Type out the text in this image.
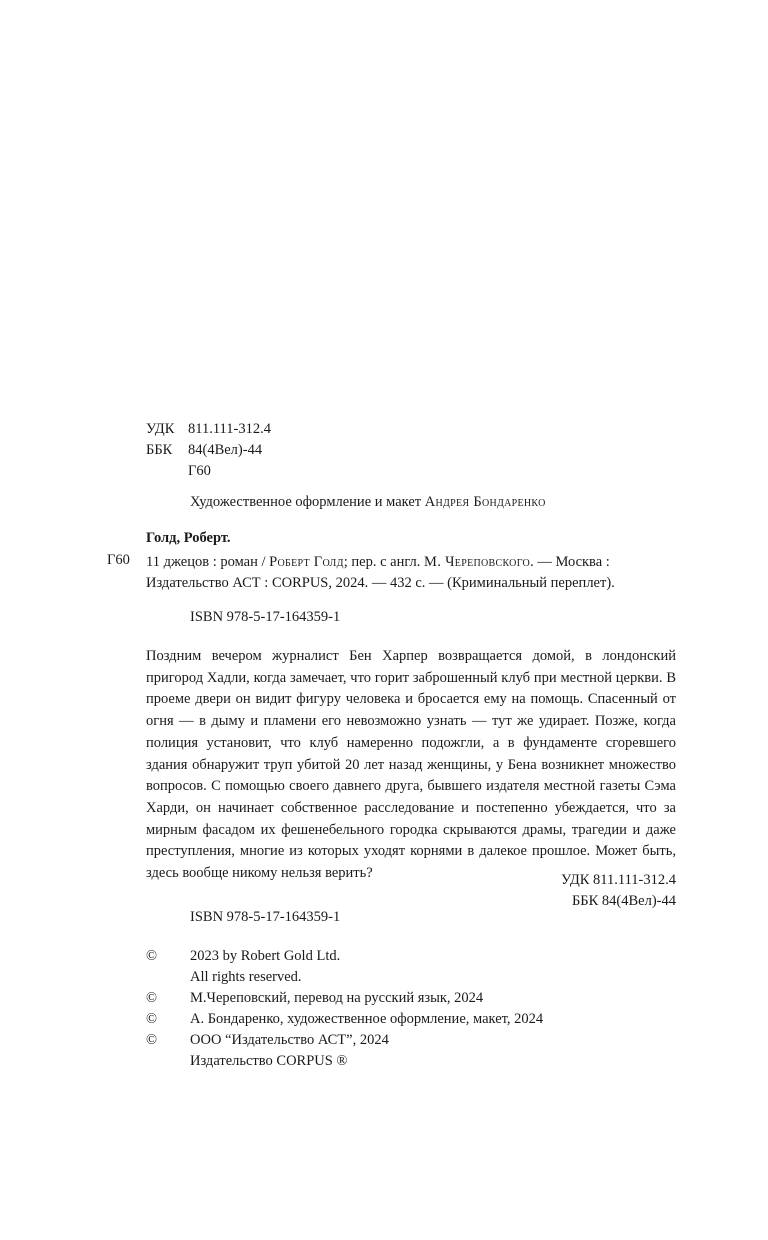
УДК 811.111-312.4
ББК	84(4Вел)-44
Г60
Художественное оформление и макет Андрея Бондаренко
Голд, Роберт.
Г60 11 джецов : роман / Роберт Голд; пер. с англ. М. Череповского. — Москва :
Издательство АСТ : CORPUS, 2024. — 432 с. — (Криминальный переплет).
ISBN 978-5-17-164359-1

Поздним вечером журналист Бен Харпер возвращается домой, в лондонский пригород Хадли, когда замечает, что горит заброшенный клуб при местной церкви. В проеме двери он видит фигуру человека и бросается ему на помощь. Спасенный от огня — в дыму и пламени его невозможно узнать — тут же удирает. Позже, когда полиция установит, что клуб намеренно подожгли, а в фундаменте сгоревшего здания обнаружит труп убитой 20 лет назад женщины, у Бена возникнет множество вопросов. С помощью своего давнего друга, бывшего издателя местной газеты Сэма Харди, он начинает собственное расследование и постепенно убеждается, что за мирным фасадом их фешенебельного городка скрываются драмы, трагедии и даже преступления, многие из которых уходят корнями в далекое прошлое. Может быть, здесь вообще никому нельзя верить?	УДК 811.111-312.4
ББК 84(4Вел)-44
ISBN 978-5-17-164359-1
©	2023 by Robert Gold Ltd.
All rights reserved.
©	М.Череповский, перевод на русский язык, 2024
©	А. Бондаренко, художественное оформление, макет, 2024
©	ООО “Издательство АСТ”, 2024
Издательство CORPUS ®
